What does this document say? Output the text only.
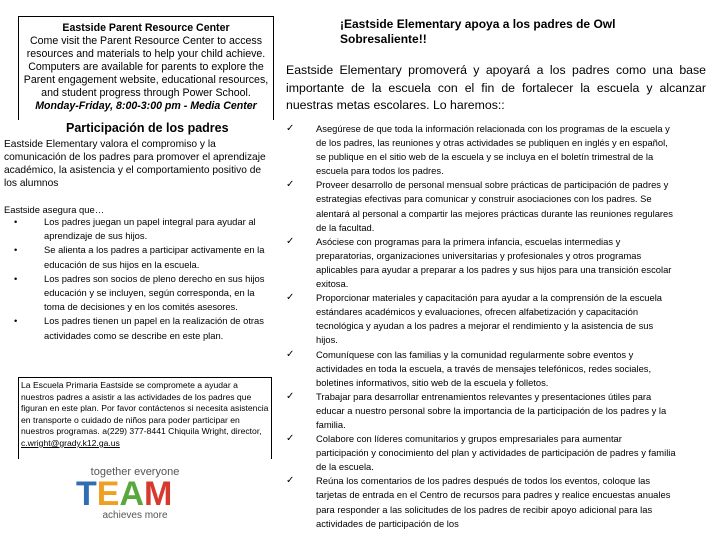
Eastside Parent Resource Center
Come visit the Parent Resource Center to access resources and materials to help your child achieve. Computers are available for parents to explore the Parent engagement website, educational resources, and student progress through Power School.
Monday-Friday, 8:00-3:00 pm - Media Center
Participación de los padres
Eastside Elementary valora el compromiso y la comunicación de los padres para promover el aprendizaje académico, la asistencia y el comportamiento positivo de los alumnos
Eastside asegura que…
•	Los padres juegan un papel integral para ayudar al aprendizaje de sus hijos.
•	Se alienta a los padres a participar activamente en la educación de sus hijos en la escuela.
•	Los padres son socios de pleno derecho en sus hijos educación y se incluyen, según corresponda, en la toma de decisiones y en los comités asesores.
•	Los padres tienen un papel en la realización de otras actividades como se describe en este plan.
La Escuela Primaria Eastside se compromete a ayudar a nuestros padres a asistir a las actividades de los padres que figuran en este plan. Por favor contáctenos si necesita asistencia en transporte o cuidado de niños para poder participar en nuestros programas. a(229) 377-8441 Chiquila Wright, director, c.wright@grady.k12.ga.us
together everyone
TEAM
achieves more
¡Eastside Elementary apoya a los padres de Owl Sobresaliente!!
Eastside Elementary promoverá y apoyará a los padres como una base importante de la escuela con el fin de fortalecer la escuela y alcanzar nuestras metas escolares. Lo haremos::
✓ Asegúrese de que toda la información relacionada con los programas de la escuela y de los padres, las reuniones y otras actividades se publiquen en inglés y en español, se publique en el sitio web de la escuela y se incluya en el boletín trimestral de la escuela para todos los padres.
✓ Proveer desarrollo de personal mensual sobre prácticas de participación de padres y estrategias efectivas para comunicar y construir asociaciones con los padres. Se alentará al personal a compartir las mejores prácticas durante las reuniones regulares de la facultad.
✓ Asóciese con programas para la primera infancia, escuelas intermedias y preparatorias, organizaciones universitarias y profesionales y otros programas aplicables para ayudar a preparar a los padres y sus hijos para una transición escolar exitosa.
✓ Proporcionar materiales y capacitación para ayudar a la comprensión de la escuela estándares académicos y evaluaciones, ofrecen alfabetización y capacitación tecnológica y ayudan a los padres a mejorar el rendimiento y la asistencia de sus hijos.
✓ Comuníquese con las familias y la comunidad regularmente sobre eventos y actividades en toda la escuela, a través de mensajes telefónicos, redes sociales, boletines informativos, sitio web de la escuela y folletos.
✓ Trabajar para desarrollar entrenamientos relevantes y presentaciones útiles para educar a nuestro personal sobre la importancia de la participación de los padres y la familia.
✓ Colabore con líderes comunitarios y grupos empresariales para aumentar participación y conocimiento del plan y actividades de participación de padres y familia de la escuela.
✓ Reúna los comentarios de los padres después de todos los eventos, coloque las tarjetas de entrada en el Centro de recursos para padres y realice encuestas anuales para responder a las solicitudes de los padres de recibir apoyo adicional para las actividades de participación de los
